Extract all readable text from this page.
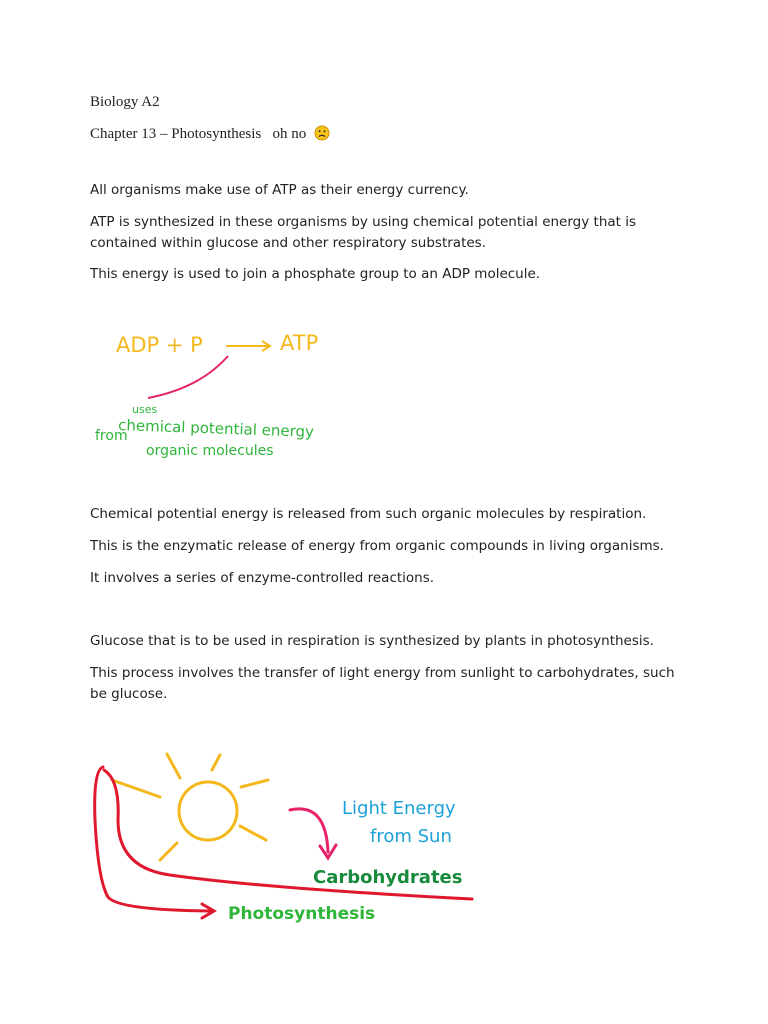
Biology A2

Chapter 13 – Photosynthesis oh no

All organisms make use of ATP as their energy currency.

ATP is synthesized in these organisms by using chemical potential energy that is contained within glucose and other respiratory substrates.

This energy is used to join a phosphate group to an ADP molecule.

ADP + P	ATP
uses
chemical potential energy
from
organic molecules

Chemical potential energy is released from such organic molecules by respiration.

This is the enzymatic release of energy from organic compounds in living organisms.

It involves a series of enzyme-controlled reactions.

Glucose that is to be used in respiration is synthesized by plants in photosynthesis.

This process involves the transfer of light energy from sunlight to carbohydrates, such be glucose.

Light Energy
from Sun
Carbohydrates
Photosynthesis
